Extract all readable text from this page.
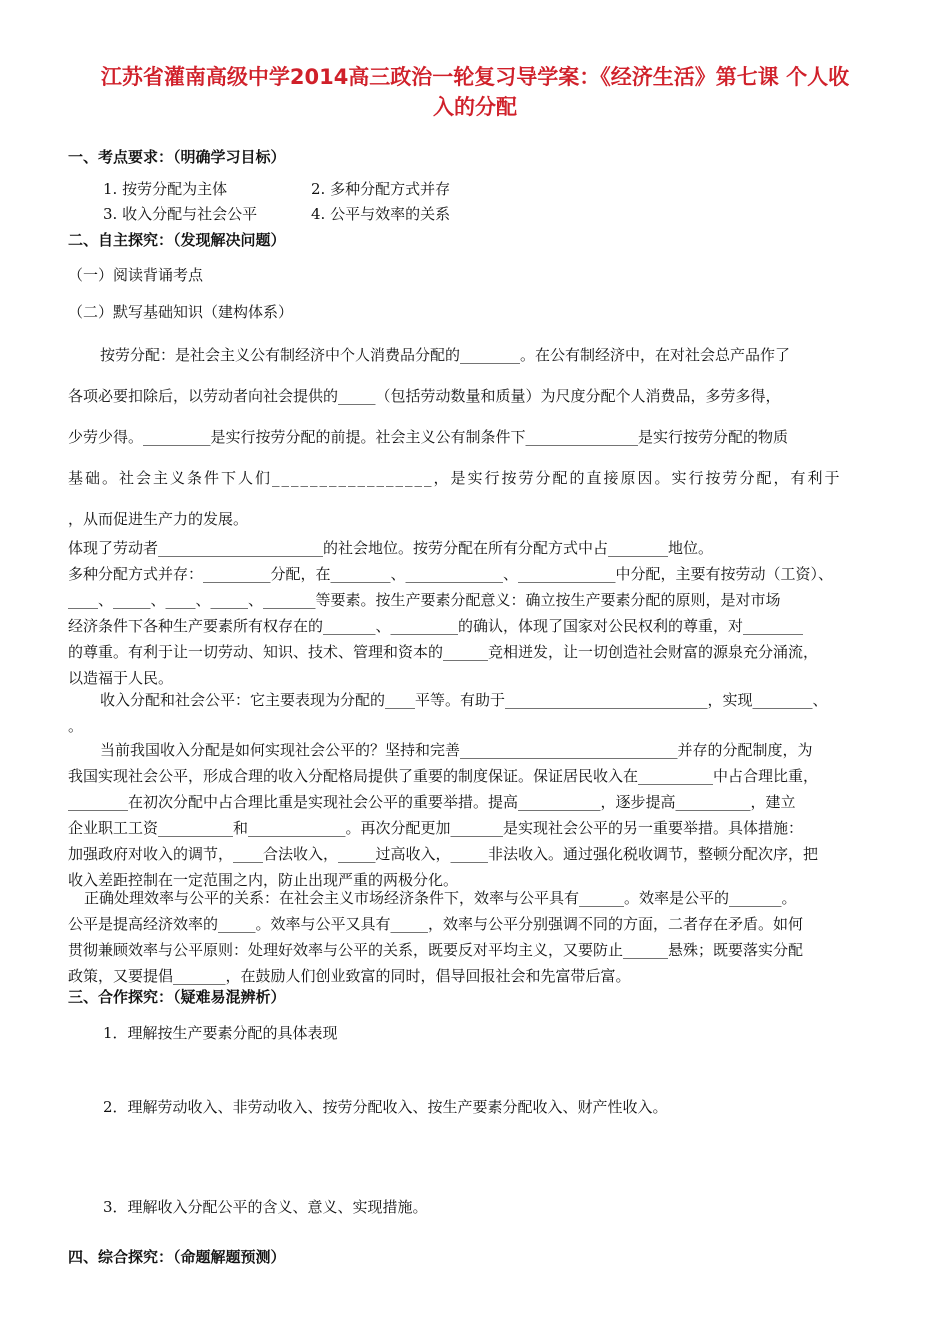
江苏省灌南高级中学2014高三政治一轮复习导学案：《经济生活》第七课 个人收
入的分配
一、考点要求：（明确学习目标）
1. 按劳分配为主体	2. 多种分配方式并存
3. 收入分配与社会公平	4. 公平与效率的关系
二、自主探究：（发现解决问题）
（一）阅读背诵考点
（二）默写基础知识（建构体系）
按劳分配：是社会主义公有制经济中个人消费品分配的________。在公有制经济中，在对社会总产品作了
各项必要扣除后，以劳动者向社会提供的_____（包括劳动数量和质量）为尺度分配个人消费品，多劳多得，
少劳少得。_________是实行按劳分配的前提。社会主义公有制条件下_______________是实行按劳分配的物质
基础。社会主义条件下人们_________________，是实行按劳分配的直接原因。实行按劳分配，有利于
，从而促进生产力的发展。
体现了劳动者______________________的社会地位。按劳分配在所有分配方式中占________地位。
多种分配方式并存：_________分配，在________、_____________、_____________中分配，主要有按劳动（工资）、
____、_____、____、_____、_______等要素。按生产要素分配意义：确立按生产要素分配的原则，是对市场
经济条件下各种生产要素所有权存在的_______、_________的确认，体现了国家对公民权利的尊重，对________
的尊重。有利于让一切劳动、知识、技术、管理和资本的______竞相迸发，让一切创造社会财富的源泉充分涌流，
以造福于人民。
收入分配和社会公平：它主要表现为分配的____平等。有助于___________________________，实现________、
。
当前我国收入分配是如何实现社会公平的？坚持和完善_____________________________并存的分配制度，为
我国实现社会公平，形成合理的收入分配格局提供了重要的制度保证。保证居民收入在__________中占合理比重，
________在初次分配中占合理比重是实现社会公平的重要举措。提高___________，逐步提高__________，建立
企业职工工资__________和_____________。再次分配更加_______是实现社会公平的另一重要举措。具体措施：
加强政府对收入的调节，____合法收入，_____过高收入，_____非法收入。通过强化税收调节，整顿分配次序，把
收入差距控制在一定范围之内，防止出现严重的两极分化。
正确处理效率与公平的关系：在社会主义市场经济条件下，效率与公平具有______。效率是公平的_______。
公平是提高经济效率的_____。效率与公平又具有_____，效率与公平分别强调不同的方面，二者存在矛盾。如何
贯彻兼顾效率与公平原则：处理好效率与公平的关系，既要反对平均主义，又要防止______悬殊；既要落实分配
政策，又要提倡_______，在鼓励人们创业致富的同时，倡导回报社会和先富带后富。
三、合作探究：（疑难易混辨析）
1．理解按生产要素分配的具体表现
2．理解劳动收入、非劳动收入、按劳分配收入、按生产要素分配收入、财产性收入。
3．理解收入分配公平的含义、意义、实现措施。
四、综合探究：（命题解题预测）
